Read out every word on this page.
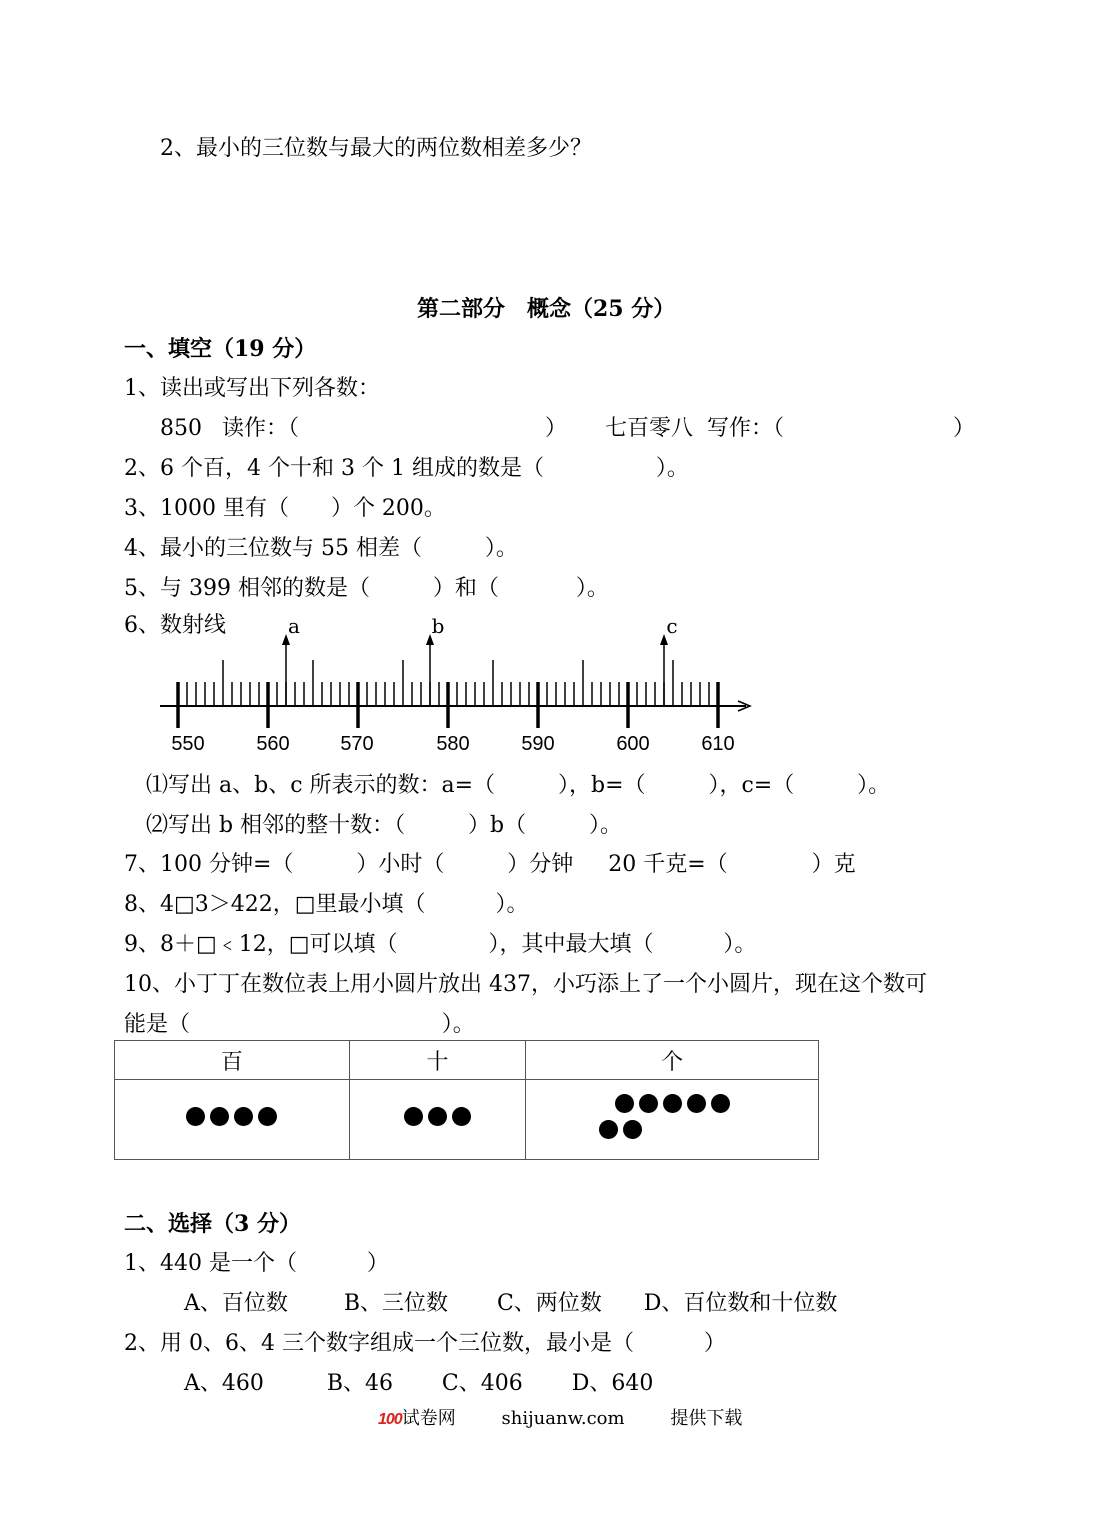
2、最小的三位数与最大的两位数相差多少？
第二部分　概念（25 分）
一、填空（19 分）
1、读出或写出下列各数：
850 读作：（	） 七百零八  写作：（	）
2、6 个百，4 个十和 3 个 1 组成的数是（                ）。
3、1000 里有（      ）个 200。
4、最小的三位数与 55 相差（         ）。
5、与 399 相邻的数是（         ）和（           ）。
6、数射线
550	560	570	580	590	600	610
a	b	c
⑴写出 a、b、c 所表示的数：a=（         ），b=（         ），c=（         ）。
⑵写出 b 相邻的整十数：（         ）b（         ）。
7、100 分钟=（         ）小时（         ）分钟     20 千克=（            ）克
8、4□3＞422，□里最小填（          ）。
9、8＋□﹤12，□可以填（             ），其中最大填（          ）。
10、小丁丁在数位表上用小圆片放出 437，小巧添上了一个小圆片，现在这个数可
能是（                                    ）。
百	十	个

二、选择（3 分）
1、440 是一个（          ）
A、百位数        B、三位数       C、两位数      D、百位数和十位数
2、用 0、6、4 三个数字组成一个三位数，最小是（          ）
A、460         B、46       C、406       D、640
100试卷网	shijuanw.com	提供下载
